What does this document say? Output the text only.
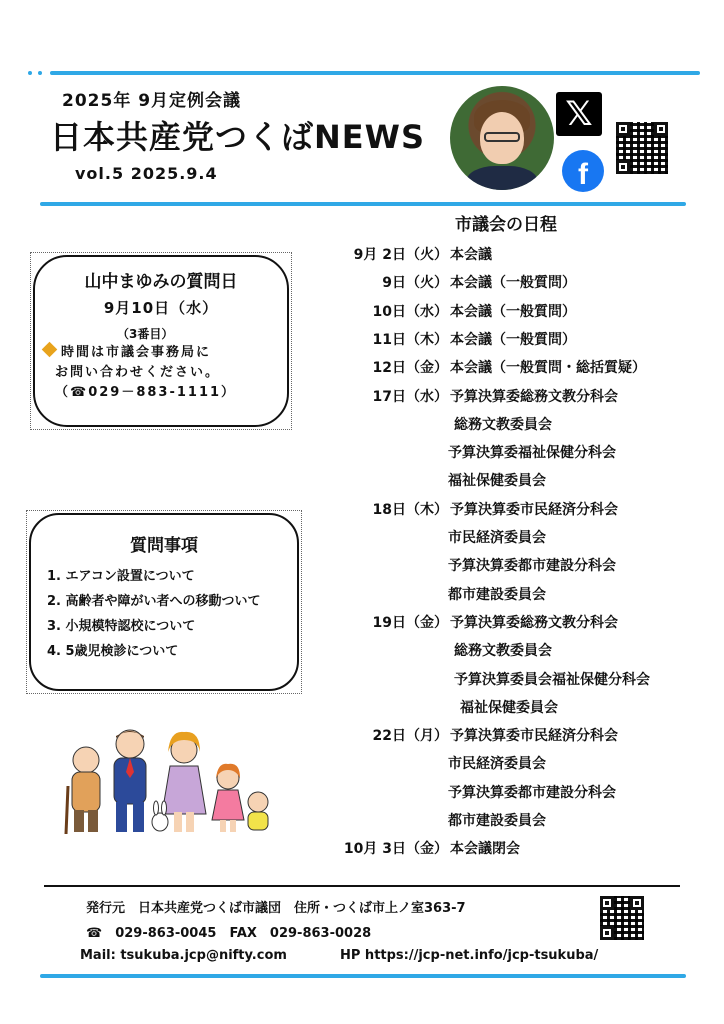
2025年 9月定例会議
日本共産党つくばNEWS
vol.5 2025.9.4
𝕏
f
市議会の日程
9月 2日（火） 本会議
9日（火） 本会議（一般質問）
10日（水） 本会議（一般質問）
11日（木） 本会議（一般質問）
12日（金） 本会議（一般質問・総括質疑）
17日（水） 予算決算委総務文教分科会
総務文教委員会
予算決算委福祉保健分科会
福祉保健委員会
18日（木） 予算決算委市民経済分科会
市民経済委員会
予算決算委都市建設分科会
都市建設委員会
19日（金） 予算決算委総務文教分科会
総務文教委員会
予算決算委員会福祉保健分科会
福祉保健委員会
22日（月） 予算決算委市民経済分科会
市民経済委員会
予算決算委都市建設分科会
都市建設委員会
10月 3日（金） 本会議閉会
山中まゆみの質問日
9月10日（水）
（3番目）
時間は市議会事務局に
お問い合わせください。
（☎029－883-1111）
質問事項
1. エアコン設置について
2. 高齢者や障がい者への移動ついて
3. 小規模特認校について
4. 5歳児検診について
発行元　日本共産党つくば市議団　住所・つくば市上ノ室363-7
☎　029-863-0045　FAX　029-863-0028
Mail: tsukuba.jcp@nifty.com	HP https://jcp-net.info/jcp-tsukuba/
